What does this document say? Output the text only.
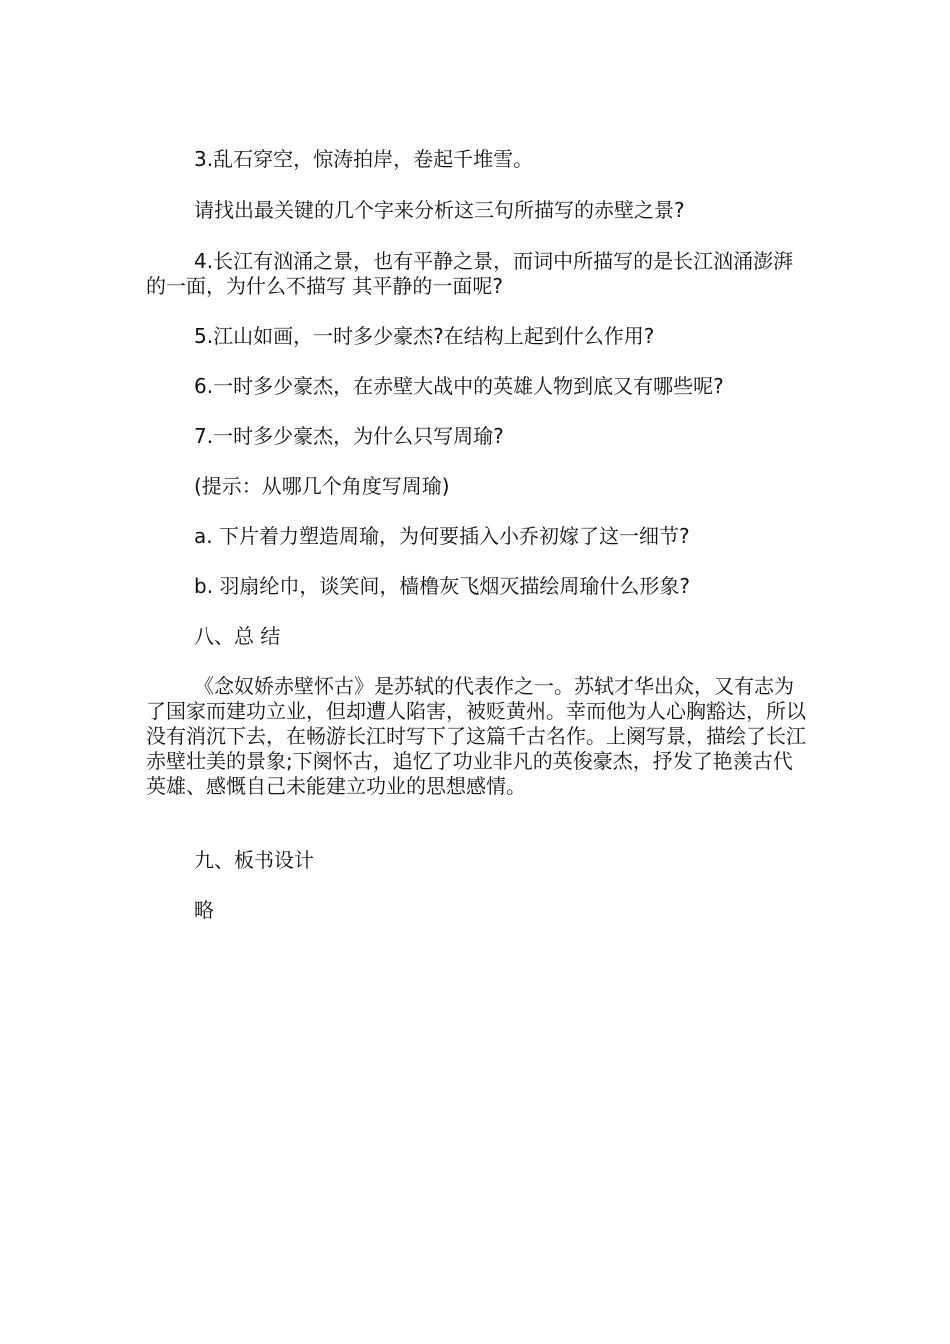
3.乱石穿空，惊涛拍岸，卷起千堆雪。

请找出最关键的几个字来分析这三句所描写的赤壁之景?

4.长江有汹涌之景，也有平静之景，而词中所描写的是长江汹涌澎湃的一面，为什么不描写 其平静的一面呢?

5.江山如画，一时多少豪杰?在结构上起到什么作用?

6.一时多少豪杰，在赤壁大战中的英雄人物到底又有哪些呢?

7.一时多少豪杰，为什么只写周瑜?

(提示：从哪几个角度写周瑜)

a. 下片着力塑造周瑜，为何要插入小乔初嫁了这一细节?

b. 羽扇纶巾，谈笑间，樯橹灰飞烟灭描绘周瑜什么形象?

八、总 结

《念奴娇赤壁怀古》是苏轼的代表作之一。苏轼才华出众，又有志为了国家而建功立业，但却遭人陷害，被贬黄州。幸而他为人心胸豁达，所以没有消沉下去，在畅游长江时写下了这篇千古名作。上阕写景，描绘了长江赤壁壮美的景象;下阕怀古，追忆了功业非凡的英俊豪杰，抒发了艳羡古代英雄、感慨自己未能建立功业的思想感情。

九、板书设计

略
